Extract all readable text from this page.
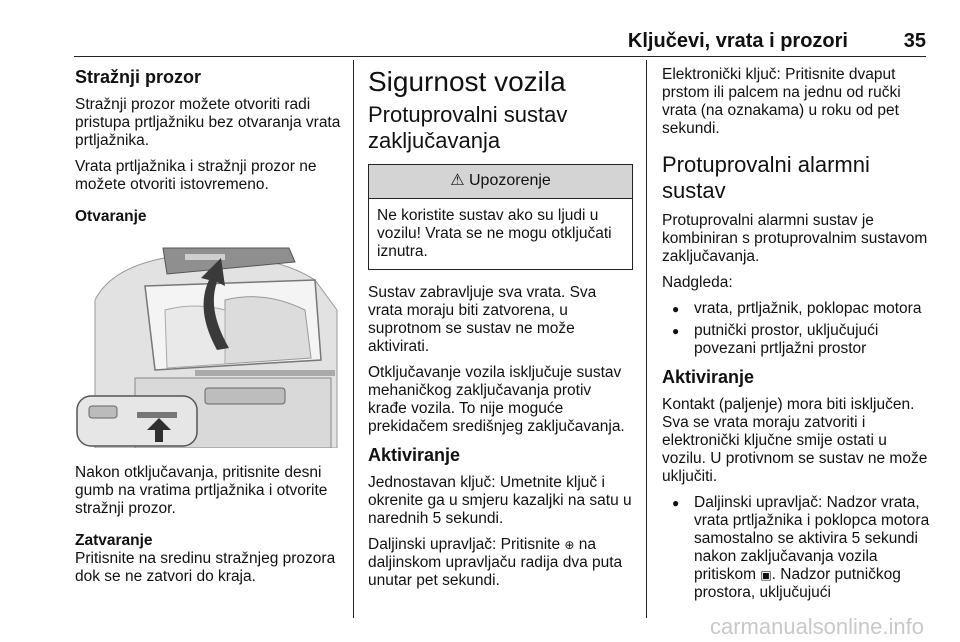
Ključevi, vrata i prozori	35
Stražnji prozor

Stražnji prozor možete otvoriti radi pristupa prtljažniku bez otvaranja vrata prtljažnika.

Vrata prtljažnika i stražnji prozor ne možete otvoriti istovremeno.

Otvaranje

Nakon otključavanja, pritisnite desni gumb na vratima prtljažnika i otvorite stražnji prozor.

Zatvaranje

Pritisnite na sredinu stražnjeg prozora dok se ne zatvori do kraja.

Sigurnost vozila
Protuprovalni sustav zaključavanja
⚠ Upozorenje
Ne koristite sustav ako su ljudi u vozilu! Vrata se ne mogu otključati iznutra.

Sustav zabravljuje sva vrata. Sva vrata moraju biti zatvorena, u suprotnom se sustav ne može aktivirati.

Otključavanje vozila isključuje sustav mehaničkog zaključavanja protiv krađe vozila. To nije moguće prekidačem središnjeg zaključavanja.

Aktiviranje

Jednostavan ključ: Umetnite ključ i okrenite ga u smjeru kazaljki na satu u narednih 5 sekundi.

Daljinski upravljač: Pritisnite ⊕ na daljinskom upravljaču radija dva puta unutar pet sekundi.

Elektronički ključ: Pritisnite dvaput prstom ili palcem na jednu od ručki vrata (na oznakama) u roku od pet sekundi.

Protuprovalni alarmni sustav

Protuprovalni alarmni sustav je kombiniran s protuprovalnim sustavom zaključavanja.

Nadgleda:

● vrata, prtljažnik, poklopac motora
● putnički prostor, uključujući povezani prtljažni prostor
Aktiviranje

Kontakt (paljenje) mora biti isključen. Sva se vrata moraju zatvoriti i elektronički ključne smije ostati u vozilu. U protivnom se sustav ne može uključiti.

● Daljinski upravljač: Nadzor vrata, vrata prtljažnika i poklopca motora samostalno se aktivira 5 sekundi nakon zaključavanja vozila pritiskom ▣. Nadzor putničkog prostora, uključujući
carmanualsonline.info
